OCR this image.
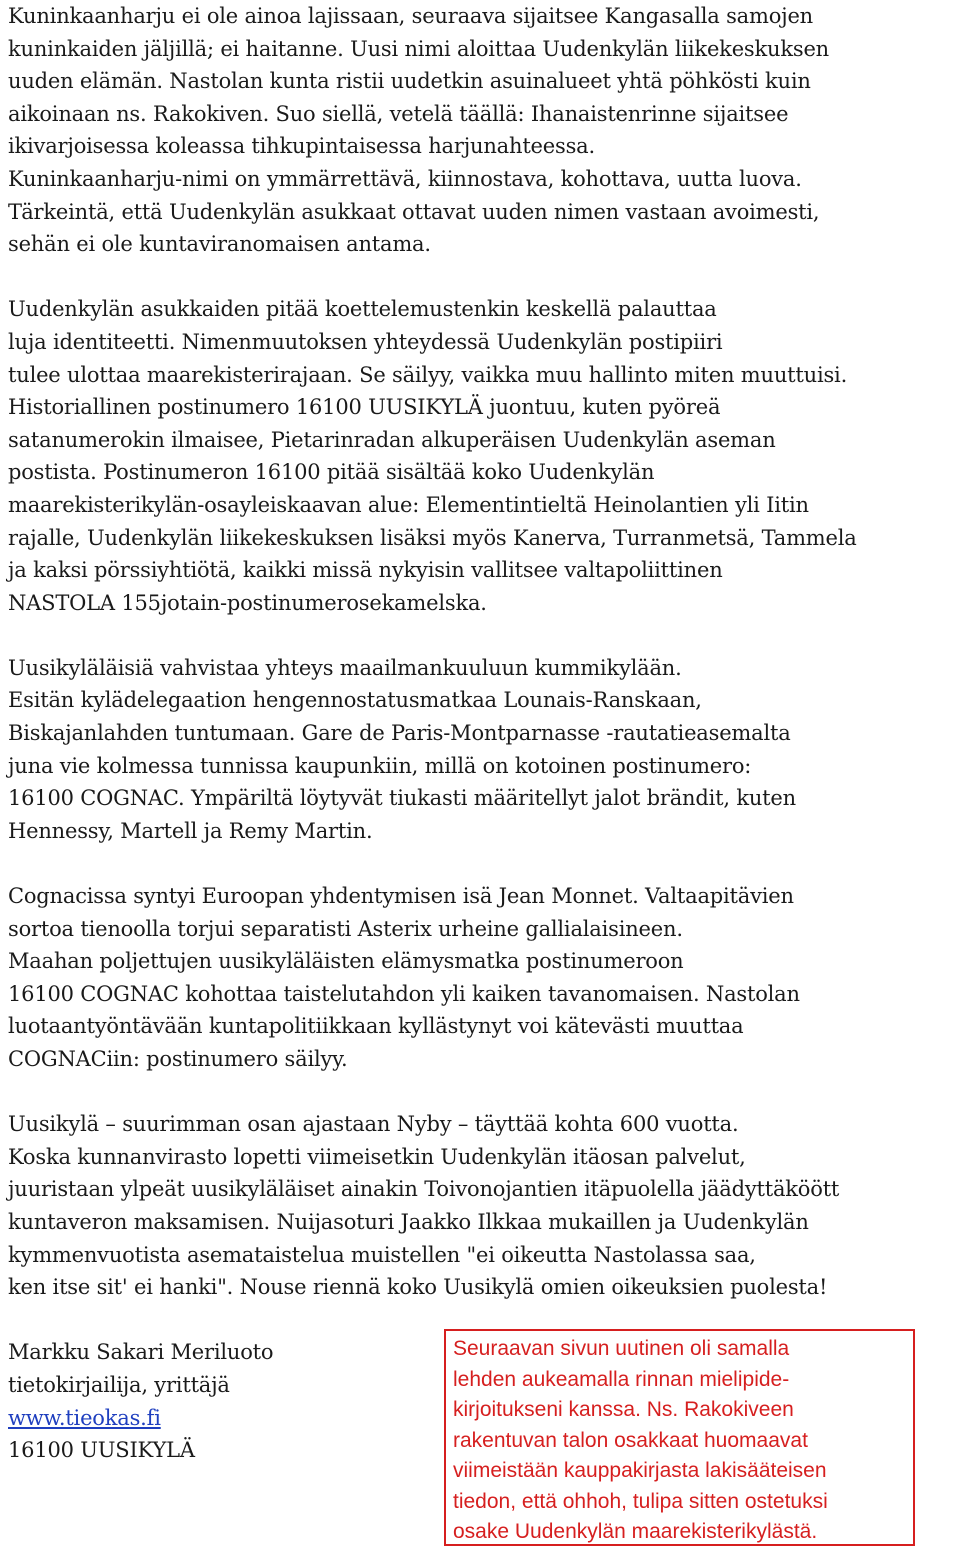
Kuninkaanharju ei ole ainoa lajissaan, seuraava sijaitsee Kangasalla samojen
kuninkaiden jäljillä; ei haitanne. Uusi nimi aloittaa Uudenkylän liikekeskuksen
uuden elämän. Nastolan kunta ristii uudetkin asuinalueet yhtä pöhkösti kuin
aikoinaan ns. Rakokiven. Suo siellä, vetelä täällä: Ihanaistenrinne sijaitsee
ikivarjoisessa koleassa tihkupintaisessa harjunahteessa.
Kuninkaanharju-nimi on ymmärrettävä, kiinnostava, kohottava, uutta luova.
Tärkeintä, että Uudenkylän asukkaat ottavat uuden nimen vastaan avoimesti,
sehän ei ole kuntaviranomaisen antama.
Uudenkylän asukkaiden pitää koettelemustenkin keskellä palauttaa
luja identiteetti. Nimenmuutoksen yhteydessä Uudenkylän postipiiri
tulee ulottaa maarekisterirajaan. Se säilyy, vaikka muu hallinto miten muuttuisi.
Historiallinen postinumero 16100 UUSIKYLÄ juontuu, kuten pyöreä
satanumerokin ilmaisee, Pietarinradan alkuperäisen Uudenkylän aseman
postista. Postinumeron 16100 pitää sisältää koko Uudenkylän
maarekisterikylän-osayleiskaavan alue: Elementintieltä Heinolantien yli Iitin
rajalle, Uudenkylän liikekeskuksen lisäksi myös Kanerva, Turranmetsä, Tammela
ja kaksi pörssiyhtiötä, kaikki missä nykyisin vallitsee valtapoliittinen
NASTOLA 155jotain-postinumerosekamelska.
Uusikyläläisiä vahvistaa yhteys maailmankuuluun kummikylään.
Esitän kylädelegaation hengennostatusmatkaa Lounais-Ranskaan,
Biskajanlahden tuntumaan. Gare de Paris-Montparnasse -rautatieasemalta
juna vie kolmessa tunnissa kaupunkiin, millä on kotoinen postinumero:
16100 COGNAC. Ympäriltä löytyvät tiukasti määritellyt jalot brändit, kuten
Hennessy, Martell ja Remy Martin.
Cognacissa syntyi Euroopan yhdentymisen isä Jean Monnet. Valtaapitävien
sortoa tienoolla torjui separatisti Asterix urheine gallialaisineen.
Maahan poljettujen uusikyläläisten elämysmatka postinumeroon
16100 COGNAC kohottaa taistelutahdon yli kaiken tavanomaisen. Nastolan
luotaantyöntävään kuntapolitiikkaan kyllästynyt voi kätevästi muuttaa
COGNACiin: postinumero säilyy.
Uusikylä – suurimman osan ajastaan Nyby – täyttää kohta 600 vuotta.
Koska kunnanvirasto lopetti viimeisetkin Uudenkylän itäosan palvelut,
juuristaan ylpeät uusikyläläiset ainakin Toivonojantien itäpuolella jäädyttäköött
kuntaveron maksamisen. Nuijasoturi Jaakko Ilkkaa mukaillen ja Uudenkylän
kymmenvuotista asemataistelua muistellen "ei oikeutta Nastolassa saa,
ken itse sit' ei hanki". Nouse riennä koko Uusikylä omien oikeuksien puolesta!
Markku Sakari Meriluoto
tietokirjailija, yrittäjä
www.tieokas.fi
16100 UUSIKYLÄ
Seuraavan sivun uutinen oli samalla
lehden aukeamalla rinnan mielipide-
kirjoitukseni kanssa. Ns. Rakokiveen
rakentuvan talon osakkaat huomaavat
viimeistään kauppakirjasta lakisääteisen
tiedon, että ohhoh, tulipa sitten ostetuksi
osake Uudenkylän maarekisterikylästä.
